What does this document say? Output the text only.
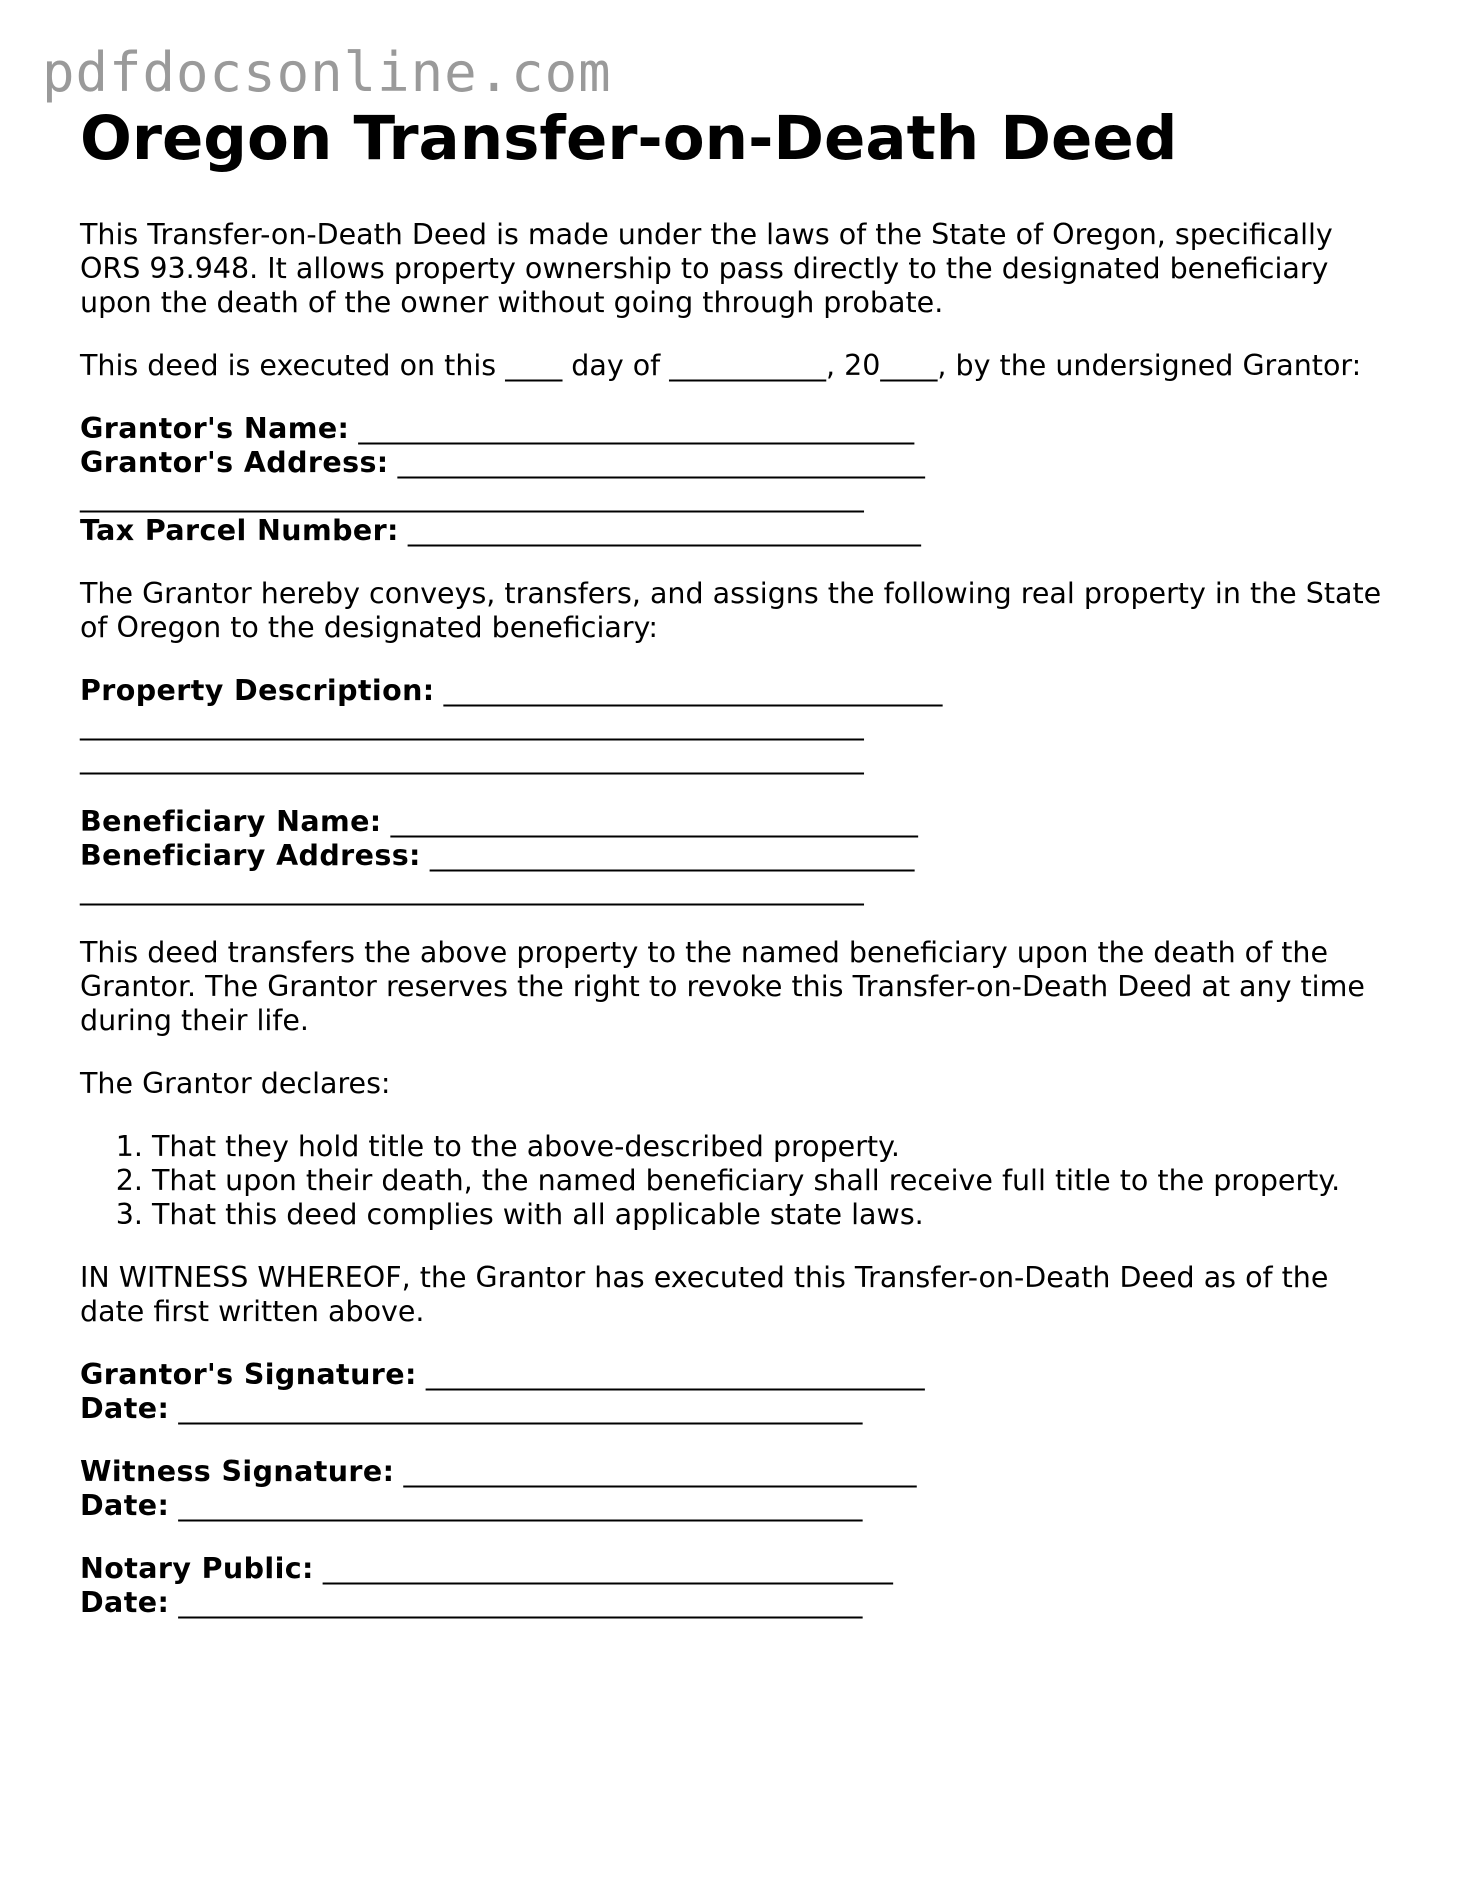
pdfdocsonline.com
Oregon Transfer-on-Death Deed

This Transfer-on-Death Deed is made under the laws of the State of Oregon, specifically ORS 93.948. It allows property ownership to pass directly to the designated beneficiary upon the death of the owner without going through probate.

This deed is executed on this ____ day of ___________, 20____, by the undersigned Grantor:

Grantor's Name: _______________________________________
Grantor's Address: _____________________________________
_______________________________________________________
Tax Parcel Number: ____________________________________

The Grantor hereby conveys, transfers, and assigns the following real property in the State of Oregon to the designated beneficiary:

Property Description: ___________________________________
_______________________________________________________
_______________________________________________________
Beneficiary Name: _____________________________________
Beneficiary Address: __________________________________
_______________________________________________________

This deed transfers the above property to the named beneficiary upon the death of the Grantor. The Grantor reserves the right to revoke this Transfer-on-Death Deed at any time during their life.

The Grantor declares:

1. That they hold title to the above-described property.
2. That upon their death, the named beneficiary shall receive full title to the property.
3. That this deed complies with all applicable state laws.

IN WITNESS WHEREOF, the Grantor has executed this Transfer-on-Death Deed as of the date first written above.

Grantor's Signature: ___________________________________
Date: ________________________________________________
Witness Signature: ____________________________________
Date: ________________________________________________
Notary Public: ________________________________________
Date: ________________________________________________
